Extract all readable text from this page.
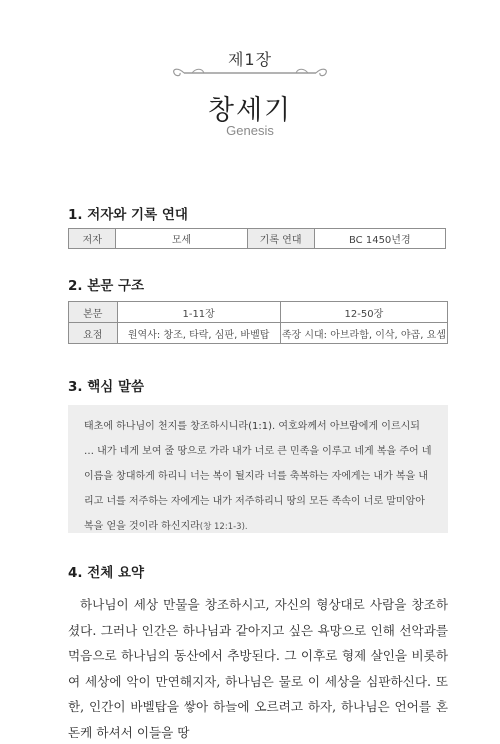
제1장
창세기
Genesis
1. 저자와 기록 연대
저자	모세	기록 연대	BC 1450년경
2. 본문 구조
본문	1-11장	12-50장
요점	원역사: 창조, 타락, 심판, 바벨탑	족장 시대: 아브라함, 이삭, 야곱, 요셉
3. 핵심 말씀
태초에 하나님이 천지를 창조하시니라(1:1). 여호와께서 아브람에게 이르시되 … 내가 네게 보여 줄 땅으로 가라 내가 너로 큰 민족을 이루고 네게 복을 주어 네 이름을 창대하게 하리니 너는 복이 될지라 너를 축복하는 자에게는 내가 복을 내리고 너를 저주하는 자에게는 내가 저주하리니 땅의 모든 족속이 너로 말미암아 복을 얻을 것이라 하신지라(창 12:1-3).
4. 전체 요약

하나님이 세상 만물을 창조하시고, 자신의 형상대로 사람을 창조하셨다. 그러나 인간은 하나님과 같아지고 싶은 욕망으로 인해 선악과를 먹음으로 하나님의 동산에서 추방된다. 그 이후로 형제 살인을 비롯하여 세상에 악이 만연해지자, 하나님은 물로 이 세상을 심판하신다. 또한, 인간이 바벨탑을 쌓아 하늘에 오르려고 하자, 하나님은 언어를 혼돈케 하셔서 이들을 땅
